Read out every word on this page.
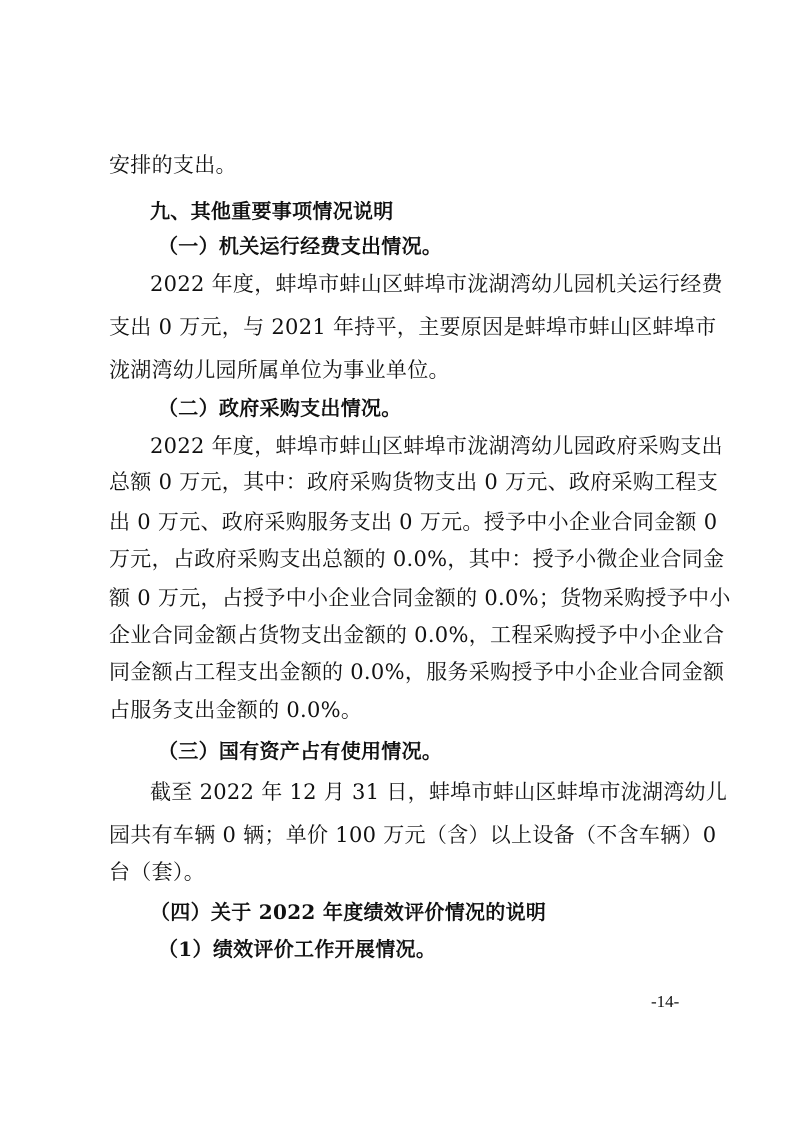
安排的支出。
九、其他重要事项情况说明
（一）机关运行经费支出情况。
2022 年度，蚌埠市蚌山区蚌埠市泷湖湾幼儿园机关运行经费
支出 0 万元，与 2021 年持平，主要原因是蚌埠市蚌山区蚌埠市
泷湖湾幼儿园所属单位为事业单位。
（二）政府采购支出情况。
2022 年度，蚌埠市蚌山区蚌埠市泷湖湾幼儿园政府采购支出
总额 0 万元，其中：政府采购货物支出 0 万元、政府采购工程支
出 0 万元、政府采购服务支出 0 万元。授予中小企业合同金额 0
万元，占政府采购支出总额的 0.0%，其中：授予小微企业合同金
额 0 万元，占授予中小企业合同金额的 0.0%；货物采购授予中小
企业合同金额占货物支出金额的 0.0%，工程采购授予中小企业合
同金额占工程支出金额的 0.0%，服务采购授予中小企业合同金额
占服务支出金额的 0.0%。
（三）国有资产占有使用情况。
截至 2022 年 12 月 31 日，蚌埠市蚌山区蚌埠市泷湖湾幼儿
园共有车辆 0 辆；单价 100 万元（含）以上设备（不含车辆）0
台（套）。
（四）关于 2022 年度绩效评价情况的说明
（1）绩效评价工作开展情况。
-14-
